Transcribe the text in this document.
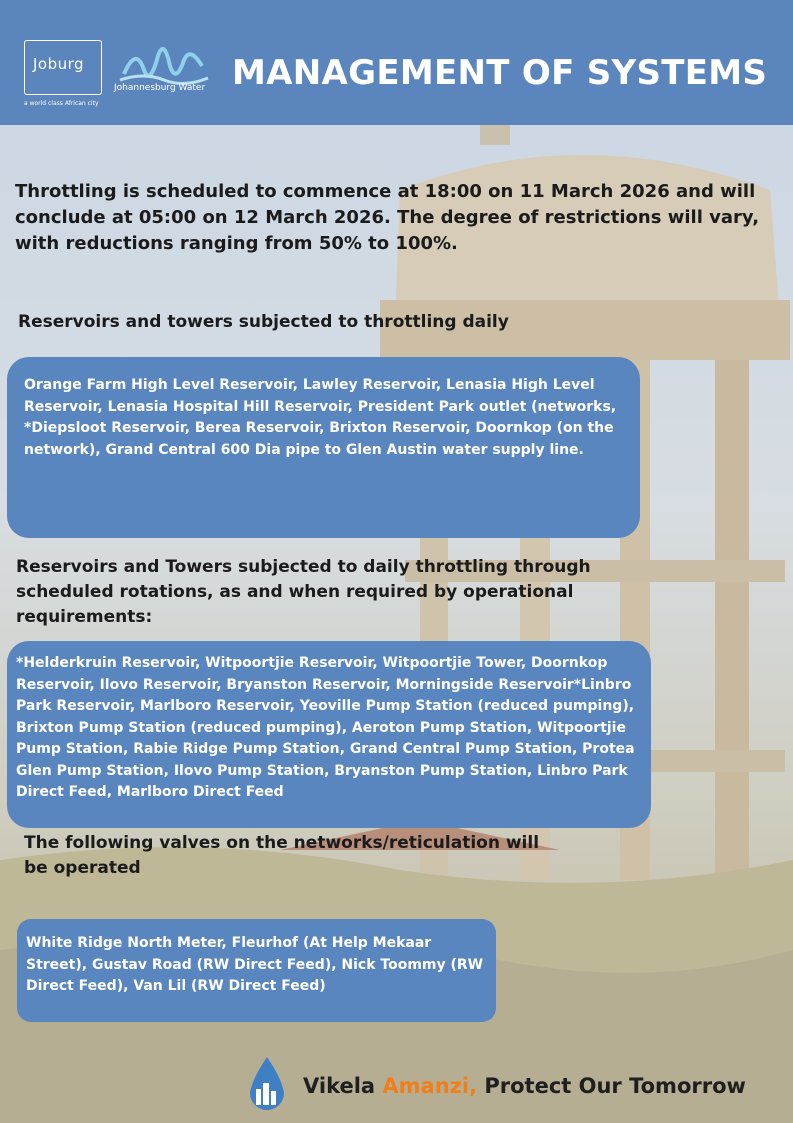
Joburg
a world class African city
Johannesburg Water MANAGEMENT OF SYSTEMS
Throttling is scheduled to commence at 18:00 on 11 March 2026 and will conclude at 05:00 on 12 March 2026. The degree of restrictions will vary, with reductions ranging from 50% to 100%.
Reservoirs and towers subjected to throttling daily

Orange Farm High Level Reservoir, Lawley Reservoir, Lenasia High Level Reservoir, Lenasia Hospital Hill Reservoir, President Park outlet (networks, *Diepsloot Reservoir, Berea Reservoir, Brixton Reservoir, Doornkop (on the network), Grand Central 600 Dia pipe to Glen Austin water supply line.

Reservoirs and Towers subjected to daily throttling through scheduled rotations, as and when required by operational requirements:

*Helderkruin Reservoir, Witpoortjie Reservoir, Witpoortjie Tower, Doornkop Reservoir, Ilovo Reservoir, Bryanston Reservoir, Morningside Reservoir*Linbro Park Reservoir, Marlboro Reservoir, Yeoville Pump Station (reduced pumping), Brixton Pump Station (reduced pumping), Aeroton Pump Station, Witpoortjie Pump Station, Rabie Ridge Pump Station, Grand Central Pump Station, Protea Glen Pump Station, Ilovo Pump Station, Bryanston Pump Station, Linbro Park Direct Feed, Marlboro Direct Feed

The following valves on the networks/reticulation will be operated

White Ridge North Meter, Fleurhof (At Help Mekaar Street), Gustav Road (RW Direct Feed), Nick Toommy (RW Direct Feed), Van Lil (RW Direct Feed)

Vikela Amanzi, Protect Our Tomorrow
